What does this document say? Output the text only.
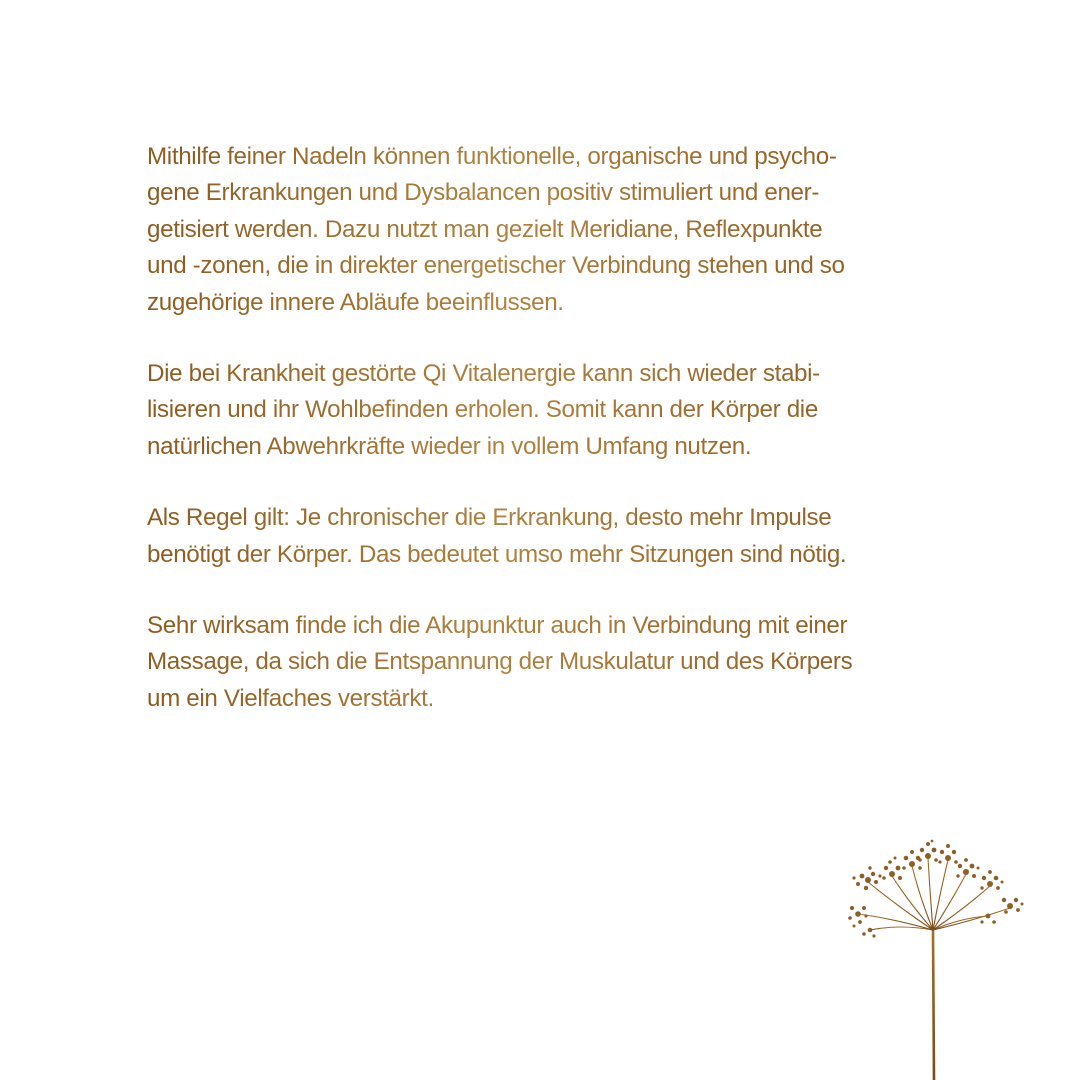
Mithilfe feiner Nadeln können funktionelle, organische und psycho-
gene Erkrankungen und Dysbalancen positiv stimuliert und ener-
getisiert werden. Dazu nutzt man gezielt Meridiane, Reflexpunkte
und -zonen, die in direkter energetischer Verbindung stehen und so
zugehörige innere Abläufe beeinflussen.

Die bei Krankheit gestörte Qi Vitalenergie kann sich wieder stabi-
lisieren und ihr Wohlbefinden erholen. Somit kann der Körper die
natürlichen Abwehrkräfte wieder in vollem Umfang nutzen.

Als Regel gilt: Je chronischer die Erkrankung, desto mehr Impulse
benötigt der Körper. Das bedeutet umso mehr Sitzungen sind nötig.

Sehr wirksam finde ich die Akupunktur auch in Verbindung mit einer
Massage, da sich die Entspannung der Muskulatur und des Körpers
um ein Vielfaches verstärkt.
